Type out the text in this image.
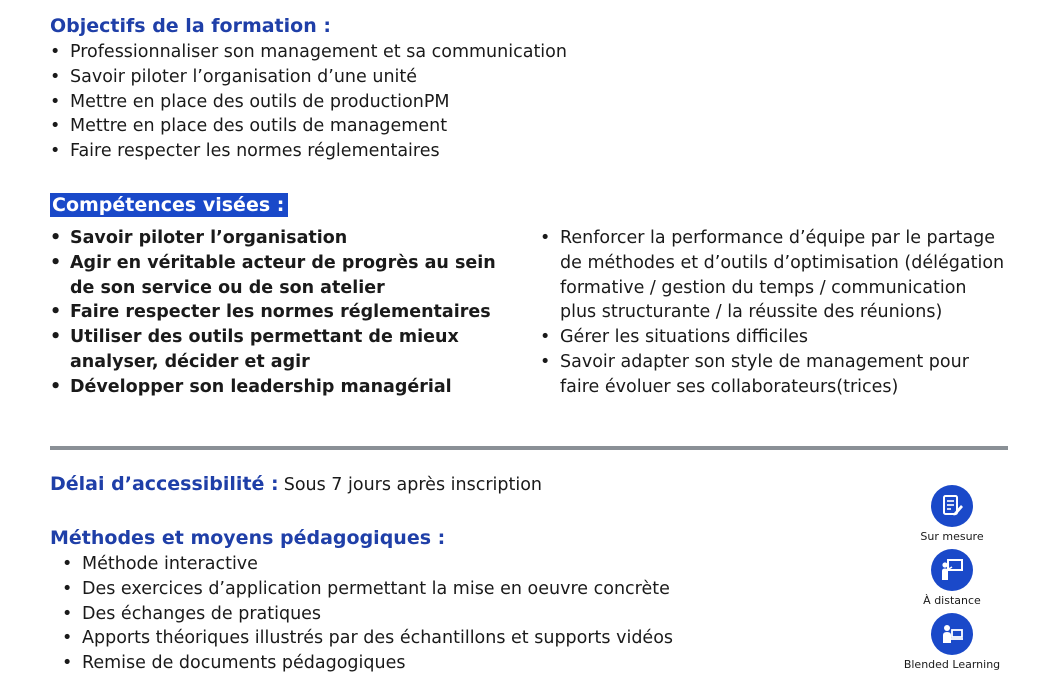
Objectifs de la formation :
• Professionnaliser son management et sa communication
• Savoir piloter l’organisation d’une unité
• Mettre en place des outils de productionPM
• Mettre en place des outils de management
• Faire respecter les normes réglementaires
Compétences visées :
• Savoir piloter l’organisation
• Agir en véritable acteur de progrès au sein de son service ou de son atelier
• Faire respecter les normes réglementaires
• Utiliser des outils permettant de mieux analyser, décider et agir
• Développer son leadership managérial
• Renforcer la performance d’équipe par le partage de méthodes et d’outils d’optimisation (délégation formative / gestion du temps / communication plus structurante / la réussite des réunions)
• Gérer les situations difficiles
• Savoir adapter son style de management pour faire évoluer ses collaborateurs(trices)
Délai d’accessibilité : Sous 7 jours après inscription
Méthodes et moyens pédagogiques :
• Méthode interactive
• Des exercices d’application permettant la mise en oeuvre concrète
• Des échanges de pratiques
• Apports théoriques illustrés par des échantillons et supports vidéos
• Remise de documents pédagogiques
Sur mesure
À distance
Blended Learning
